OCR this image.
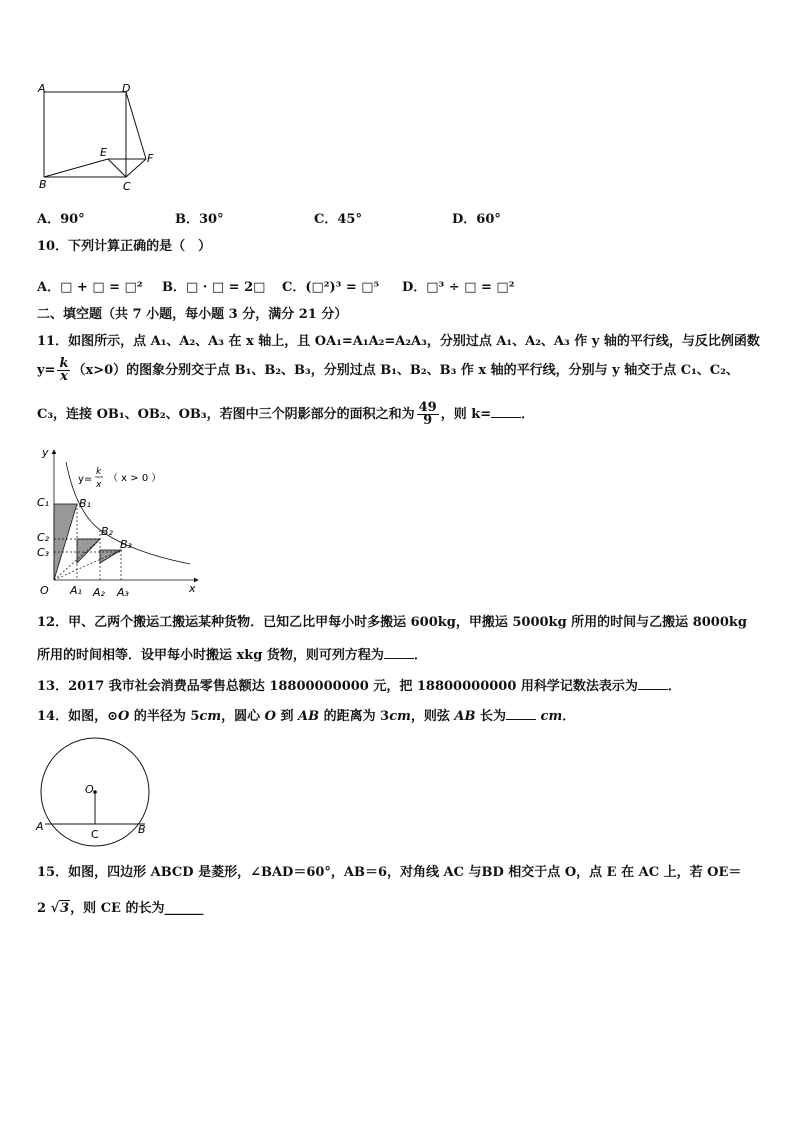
A	D
E	F
B	C
A．90°	B．30°	C．45°	D．60°
10．下列计算正确的是（　）
A．□ + □ = □² B．□ · □ = 2□ C．(□²)³ = □⁵ D．□³ ÷ □ = □²
二、填空题（共 7 小题，每小题 3 分，满分 21 分）
11．如图所示，点 A₁、A₂、A₃ 在 x 轴上，且 OA₁=A₁A₂=A₂A₃，分别过点 A₁、A₂、A₃ 作 y 轴的平行线，与反比例函数
$y= \frac{k}{x} (x>0)$的图象分别交于点 B₁、B₂、B₃，分别过点 B₁、B₂、B₃ 作 x 轴的平行线，分别与 y 轴交于点 C₁、C₂、
C₃，连接 OB₁、OB₂、OB₃，若图中三个阴影部分的面积之和为 $\frac{49}{9}$ ，则 k= ．
y
x
y=
k
x
（ x > 0 ）
C₁	B₁
C₂	B₂
C₃
B₃
O A₁ A₂ A₃
12．甲、乙两个搬运工搬运某种货物．已知乙比甲每小时多搬运 600kg，甲搬运 5000kg 所用的时间与乙搬运 8000kg
所用的时间相等．设甲每小时搬运 xkg 货物，则可列方程为 ．
13．2017 我市社会消费品零售总额达 18800000000 元，把 18800000000 用科学记数法表示为 ．
14．如图，⊙O 的半径为 5cm，圆心 O 到 AB 的距离为 3cm，则弦 AB 长为	cm．
O
A
C	B
15．如图，四边形 ABCD 是菱形，∠BAD＝60°，AB＝6，对角线 AC 与BD 相交于点 O，点 E 在 AC 上，若 OE＝
2 √3，则 CE 的长为______
